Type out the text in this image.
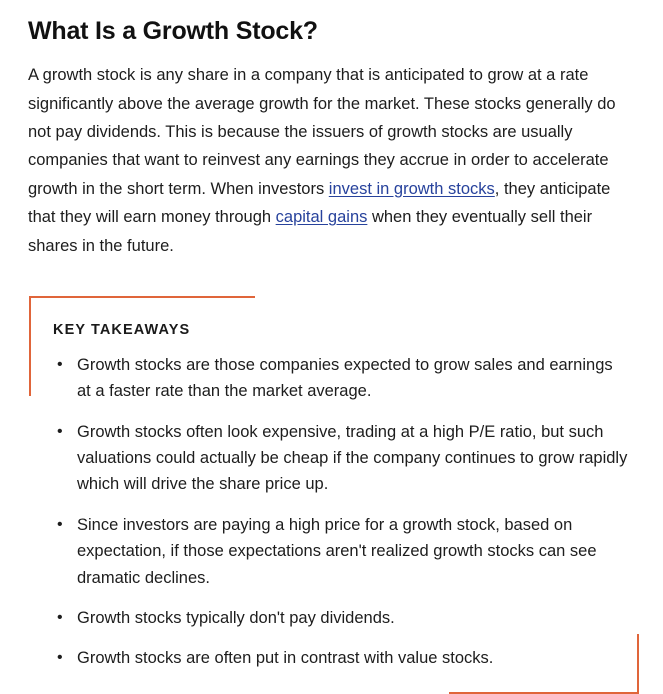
What Is a Growth Stock?

A growth stock is any share in a company that is anticipated to grow at a rate significantly above the average growth for the market. These stocks generally do not pay dividends. This is because the issuers of growth stocks are usually companies that want to reinvest any earnings they accrue in order to accelerate growth in the short term. When investors invest in growth stocks, they anticipate that they will earn money through capital gains when they eventually sell their shares in the future.

KEY TAKEAWAYS
• Growth stocks are those companies expected to grow sales and earnings at a faster rate than the market average.
• Growth stocks often look expensive, trading at a high P/E ratio, but such valuations could actually be cheap if the company continues to grow rapidly which will drive the share price up.
• Since investors are paying a high price for a growth stock, based on expectation, if those expectations aren't realized growth stocks can see dramatic declines.
• Growth stocks typically don't pay dividends.
• Growth stocks are often put in contrast with value stocks.
